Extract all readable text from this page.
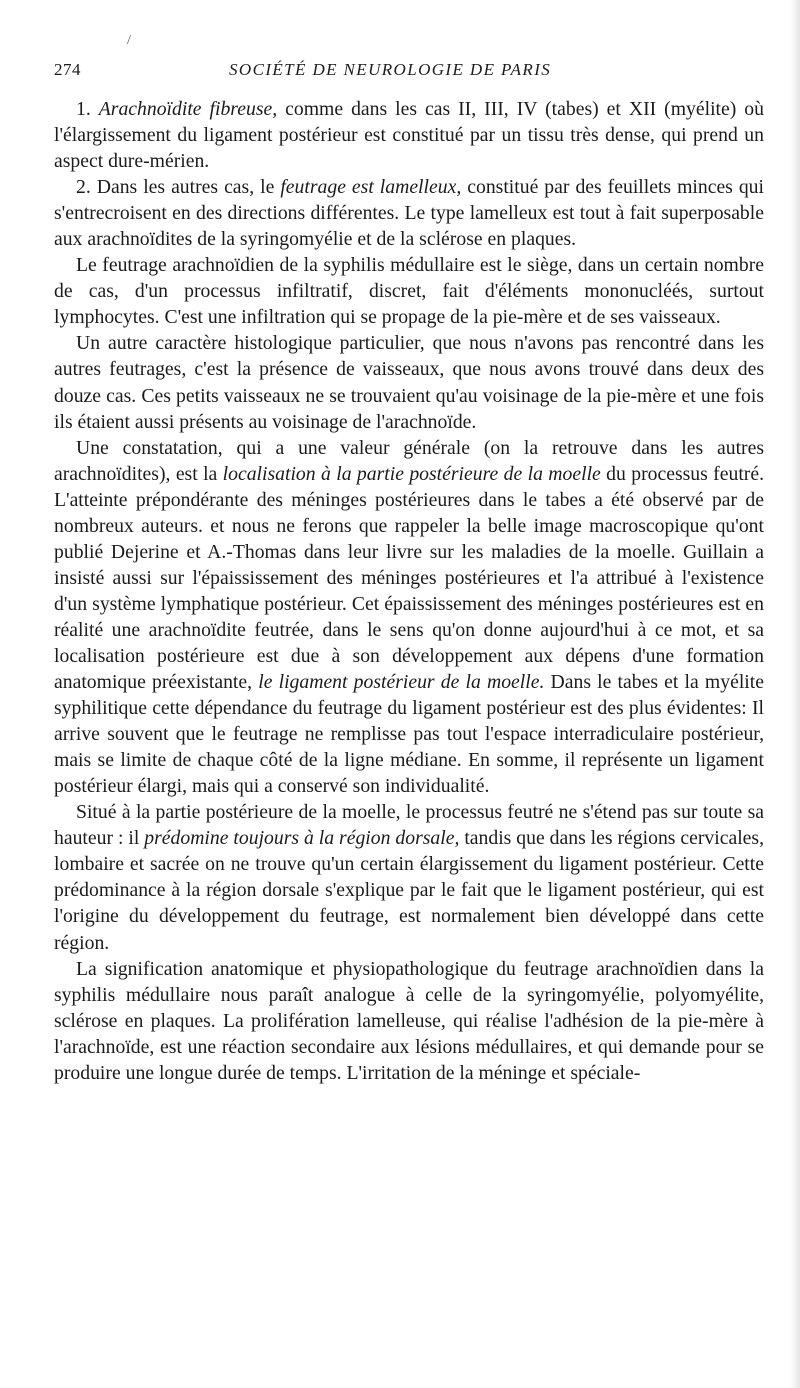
/
274	SOCIÉTÉ DE NEUROLOGIE DE PARIS

1. Arachnoïdite fibreuse, comme dans les cas II, III, IV (tabes) et XII (myélite) où l'élargissement du ligament postérieur est constitué par un tissu très dense, qui prend un aspect dure-mérien.

2. Dans les autres cas, le feutrage est lamelleux, constitué par des feuillets minces qui s'entrecroisent en des directions différentes. Le type lamelleux est tout à fait superposable aux arachnoïdites de la syringomyélie et de la sclérose en plaques.

Le feutrage arachnoïdien de la syphilis médullaire est le siège, dans un certain nombre de cas, d'un processus infiltratif, discret, fait d'éléments mononucléés, surtout lymphocytes. C'est une infiltration qui se propage de la pie-mère et de ses vaisseaux.

Un autre caractère histologique particulier, que nous n'avons pas rencontré dans les autres feutrages, c'est la présence de vaisseaux, que nous avons trouvé dans deux des douze cas. Ces petits vaisseaux ne se trouvaient qu'au voisinage de la pie-mère et une fois ils étaient aussi présents au voisinage de l'arachnoïde.

Une constatation, qui a une valeur générale (on la retrouve dans les autres arachnoïdites), est la localisation à la partie postérieure de la moelle du processus feutré. L'atteinte prépondérante des méninges postérieures dans le tabes a été observé par de nombreux auteurs. et nous ne ferons que rappeler la belle image macroscopique qu'ont publié Dejerine et A.-Thomas dans leur livre sur les maladies de la moelle. Guillain a insisté aussi sur l'épaississement des méninges postérieures et l'a attribué à l'existence d'un système lymphatique postérieur. Cet épaississement des méninges postérieures est en réalité une arachnoïdite feutrée, dans le sens qu'on donne aujourd'hui à ce mot, et sa localisation postérieure est due à son développement aux dépens d'une formation anatomique préexistante, le ligament postérieur de la moelle. Dans le tabes et la myélite syphilitique cette dépendance du feutrage du ligament postérieur est des plus évidentes: Il arrive souvent que le feutrage ne remplisse pas tout l'espace interradiculaire postérieur, mais se limite de chaque côté de la ligne médiane. En somme, il représente un ligament postérieur élargi, mais qui a conservé son individualité.

Situé à la partie postérieure de la moelle, le processus feutré ne s'étend pas sur toute sa hauteur : il prédomine toujours à la région dorsale, tandis que dans les régions cervicales, lombaire et sacrée on ne trouve qu'un certain élargissement du ligament postérieur. Cette prédominance à la région dorsale s'explique par le fait que le ligament postérieur, qui est l'origine du développement du feutrage, est normalement bien développé dans cette région.

La signification anatomique et physiopathologique du feutrage arachnoïdien dans la syphilis médullaire nous paraît analogue à celle de la syringomyélie, polyomyélite, sclérose en plaques. La prolifération lamelleuse, qui réalise l'adhésion de la pie-mère à l'arachnoïde, est une réaction secondaire aux lésions médullaires, et qui demande pour se produire une longue durée de temps. L'irritation de la méninge et spéciale-
